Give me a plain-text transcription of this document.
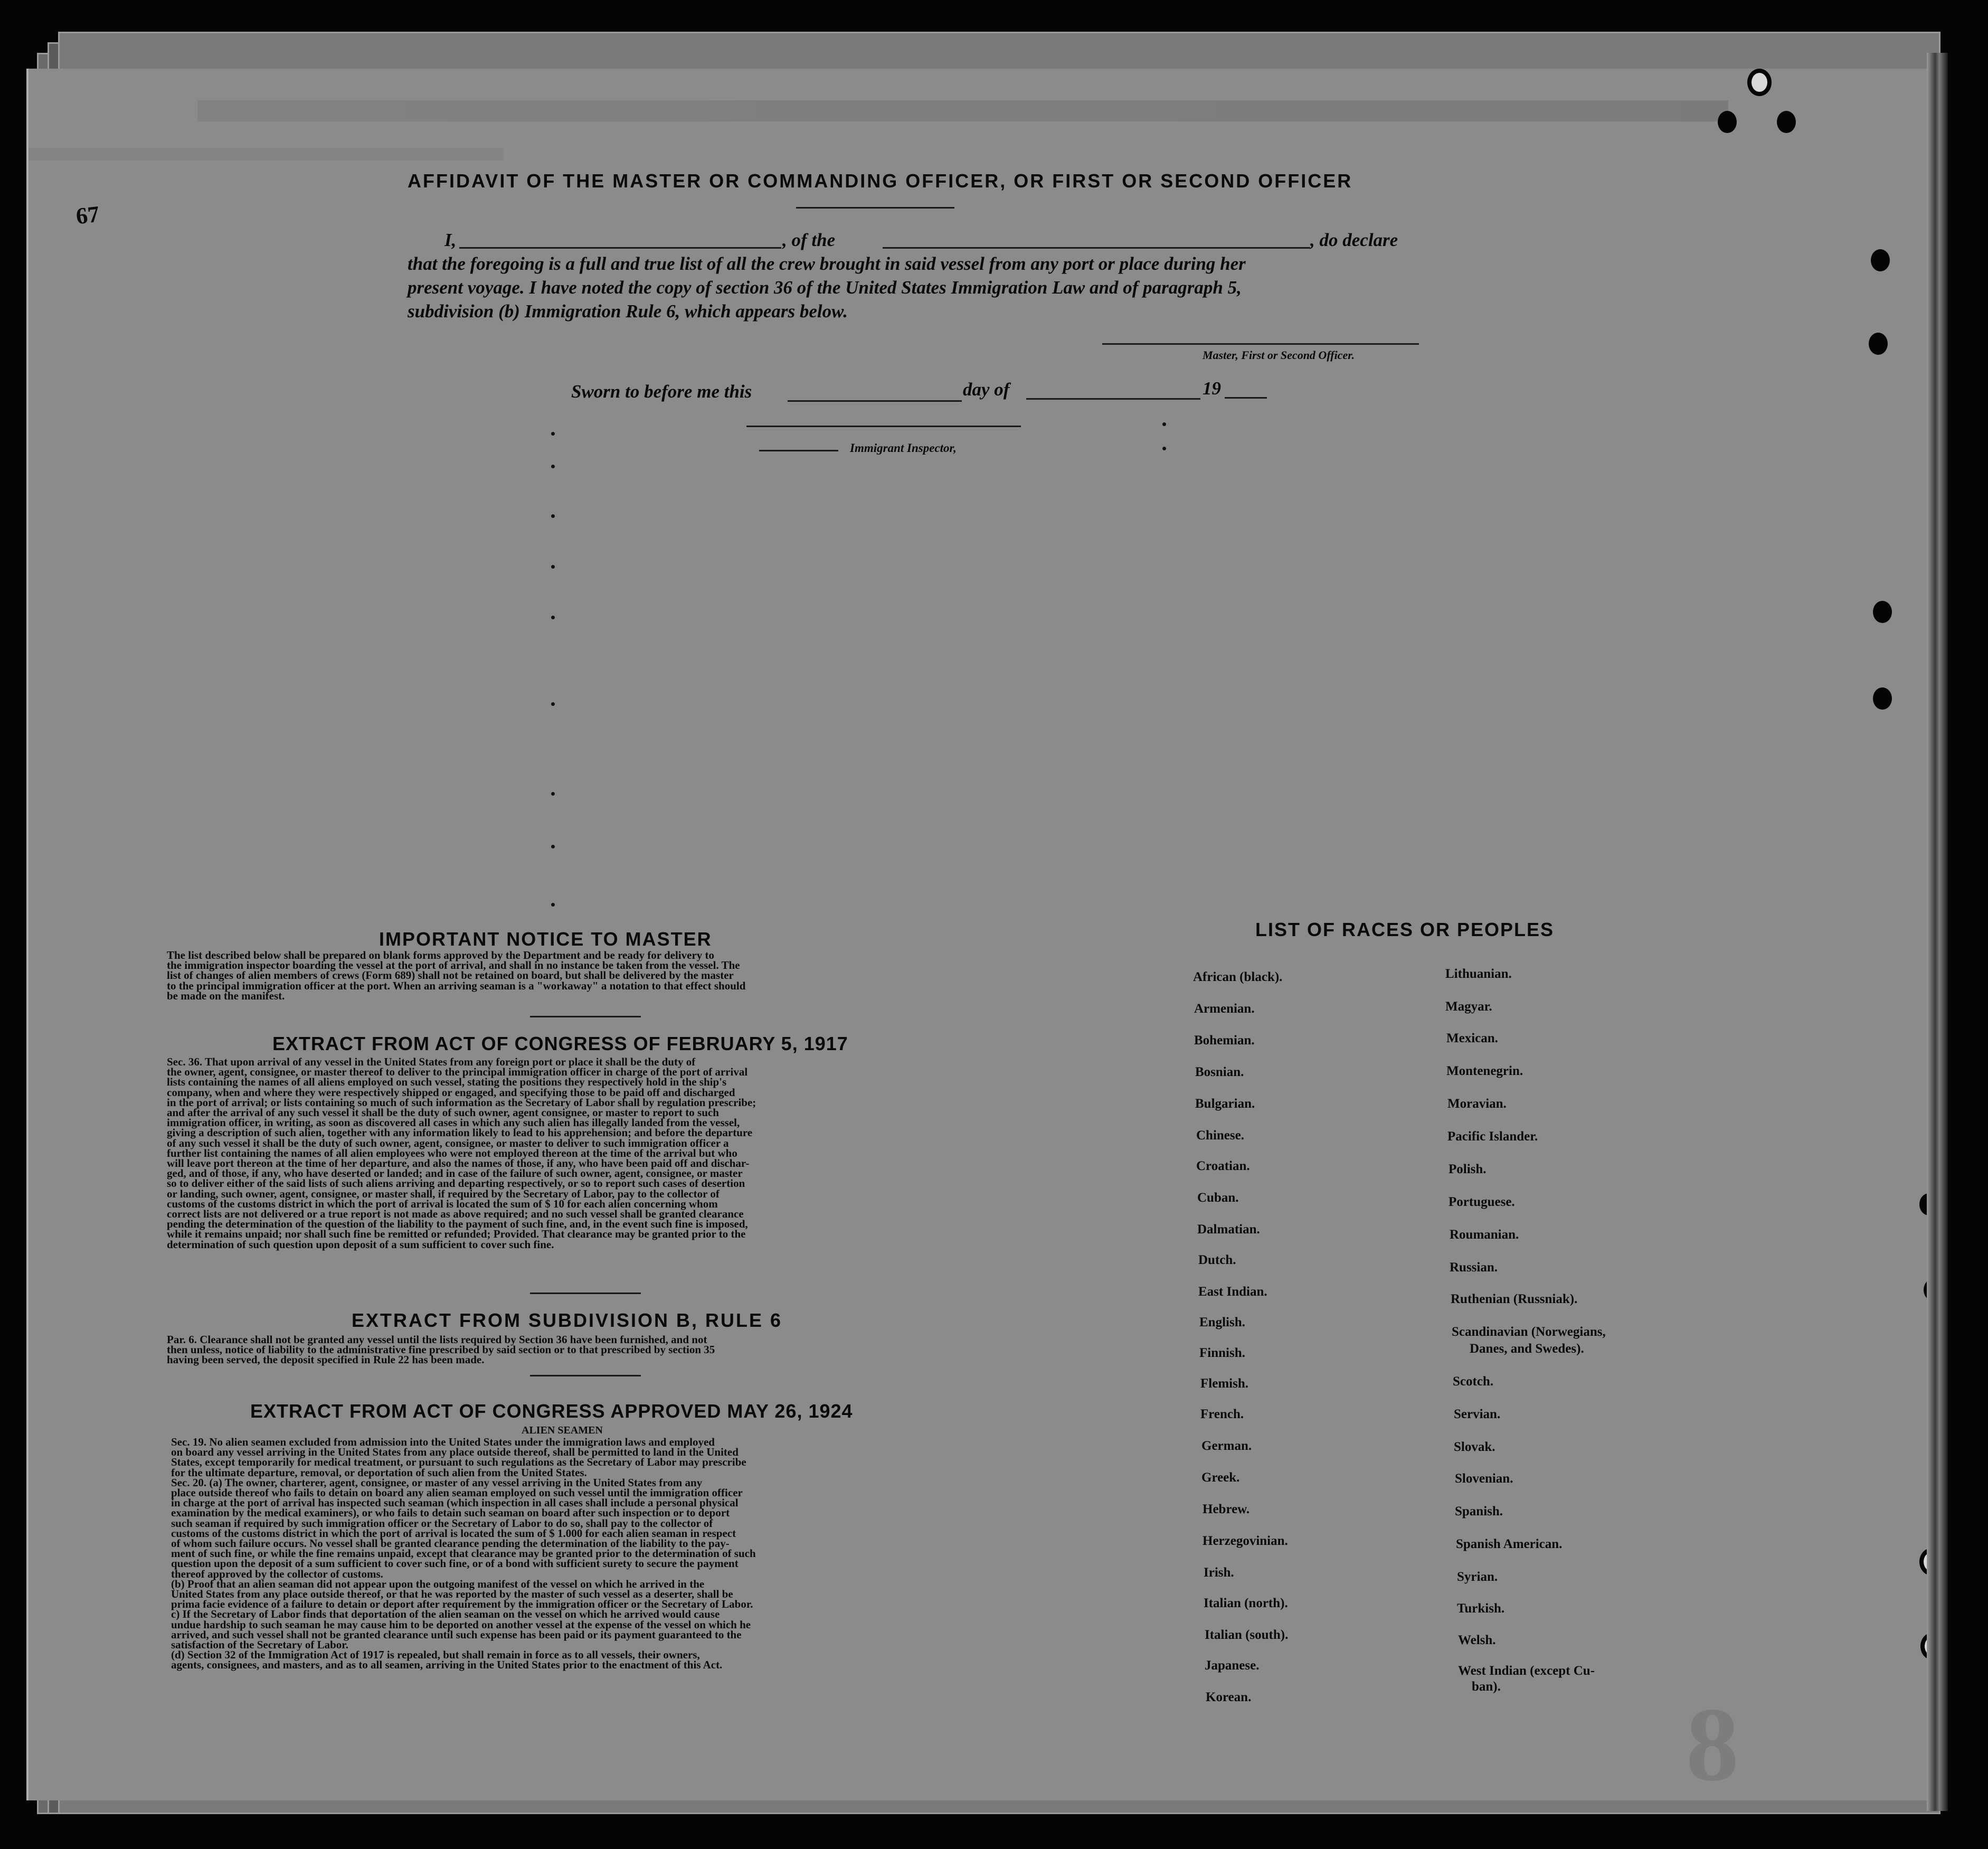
8
67
AFFIDAVIT OF THE MASTER OR COMMANDING OFFICER, OR FIRST OR SECOND OFFICER
I,	, of the	, do declare
that the foregoing is a full and true list of all the crew brought in said vessel from any port or place during her
present voyage. I have noted the copy of section 36 of the United States Immigration Law and of paragraph 5,
subdivision (b) Immigration Rule 6, which appears below.
Master, First or Second Officer.
Sworn to before me this	day of	19
Immigrant Inspector,
IMPORTANT NOTICE TO MASTER
The list described below shall be prepared on blank forms approved by the Department and be ready for delivery to
the immigration inspector boarding the vessel at the port of arrival, and shall in no instance be taken from the vessel. The
list of changes of alien members of crews (Form 689) shall not be retained on board, but shall be delivered by the master
to the principal immigration officer at the port. When an arriving seaman is a "workaway" a notation to that effect should
be made on the manifest.
EXTRACT FROM ACT OF CONGRESS OF FEBRUARY 5, 1917
Sec. 36. That upon arrival of any vessel in the United States from any foreign port or place it shall be the duty of
the owner, agent, consignee, or master thereof to deliver to the principal immigration officer in charge of the port of arrival
lists containing the names of all aliens employed on such vessel, stating the positions they respectively hold in the ship's
company, when and where they were respectively shipped or engaged, and specifying those to be paid off and discharged
in the port of arrival; or lists containing so much of such information as the Secretary of Labor shall by regulation prescribe;
and after the arrival of any such vessel it shall be the duty of such owner, agent consignee, or master to report to such
immigration officer, in writing, as soon as discovered all cases in which any such alien has illegally landed from the vessel,
giving a description of such alien, together with any information likely to lead to his apprehension; and before the departure
of any such vessel it shall be the duty of such owner, agent, consignee, or master to deliver to such immigration officer a
further list containing the names of all alien employees who were not employed thereon at the time of the arrival but who
will leave port thereon at the time of her departure, and also the names of those, if any, who have been paid off and dischar-
ged, and of those, if any, who have deserted or landed; and in case of the failure of such owner, agent, consignee, or master
so to deliver either of the said lists of such aliens arriving and departing respectively, or so to report such cases of desertion
or landing, such owner, agent, consignee, or master shall, if required by the Secretary of Labor, pay to the collector of
customs of the customs district in which the port of arrival is located the sum of $ 10 for each alien concerning whom
correct lists are not delivered or a true report is not made as above required; and no such vessel shall be granted clearance
pending the determination of the question of the liability to the payment of such fine, and, in the event such fine is imposed,
while it remains unpaid; nor shall such fine be remitted or refunded; Provided. That clearance may be granted prior to the
determination of such question upon deposit of a sum sufficient to cover such fine.
EXTRACT FROM SUBDIVISION B, RULE 6
Par. 6. Clearance shall not be granted any vessel until the lists required by Section 36 have been furnished, and not
then unless, notice of liability to the administrative fine prescribed by said section or to that prescribed by section 35
having been served, the deposit specified in Rule 22 has been made.
EXTRACT FROM ACT OF CONGRESS APPROVED MAY 26, 1924
ALIEN SEAMEN
Sec. 19. No alien seamen excluded from admission into the United States under the immigration laws and employed
on board any vessel arriving in the United States from any place outside thereof, shall be permitted to land in the United
States, except temporarily for medical treatment, or pursuant to such regulations as the Secretary of Labor may prescribe
for the ultimate departure, removal, or deportation of such alien from the United States.
Sec. 20. (a) The owner, charterer, agent, consignee, or master of any vessel arriving in the United States from any
place outside thereof who fails to detain on board any alien seaman employed on such vessel until the immigration officer
in charge at the port of arrival has inspected such seaman (which inspection in all cases shall include a personal physical
examination by the medical examiners), or who fails to detain such seaman on board after such inspection or to deport
such seaman if required by such immigration officer or the Secretary of Labor to do so, shall pay to the collector of
customs of the customs district in which the port of arrival is located the sum of $ 1.000 for each alien seaman in respect
of whom such failure occurs. No vessel shall be granted clearance pending the determination of the liability to the pay-
ment of such fine, or while the fine remains unpaid, except that clearance may be granted prior to the determination of such
question upon the deposit of a sum sufficient to cover such fine, or of a bond with sufficient surety to secure the payment
thereof approved by the collector of customs.
(b) Proof that an alien seaman did not appear upon the outgoing manifest of the vessel on which he arrived in the
United States from any place outside thereof, or that he was reported by the master of such vessel as a deserter, shall be
prima facie evidence of a failure to detain or deport after requirement by the immigration officer or the Secretary of Labor.
c) If the Secretary of Labor finds that deportation of the alien seaman on the vessel on which he arrived would cause
undue hardship to such seaman he may cause him to be deported on another vessel at the expense of the vessel on which he
arrived, and such vessel shall not be granted clearance until such expense has been paid or its payment guaranteed to the
satisfaction of the Secretary of Labor.
(d) Section 32 of the Immigration Act of 1917 is repealed, but shall remain in force as to all vessels, their owners,
agents, consignees, and masters, and as to all seamen, arriving in the United States prior to the enactment of this Act.
LIST OF RACES OR PEOPLES
African (black).
Armenian.
Bohemian.
Bosnian.
Bulgarian.
Chinese.
Croatian.
Cuban.
Dalmatian.
Dutch.
East Indian.
English.
Finnish.
Flemish.
French.
German.
Greek.
Hebrew.
Herzegovinian.
Irish.
Italian (north).
Italian (south).
Japanese.
Korean.
Lithuanian.
Magyar.
Mexican.
Montenegrin.
Moravian.
Pacific Islander.
Polish.
Portuguese.
Roumanian.
Russian.
Ruthenian (Russniak).
Scandinavian (Norwegians,
Danes, and Swedes).
Scotch.
Servian.
Slovak.
Slovenian.
Spanish.
Spanish American.
Syrian.
Turkish.
Welsh.
West Indian (except Cu-
ban).
